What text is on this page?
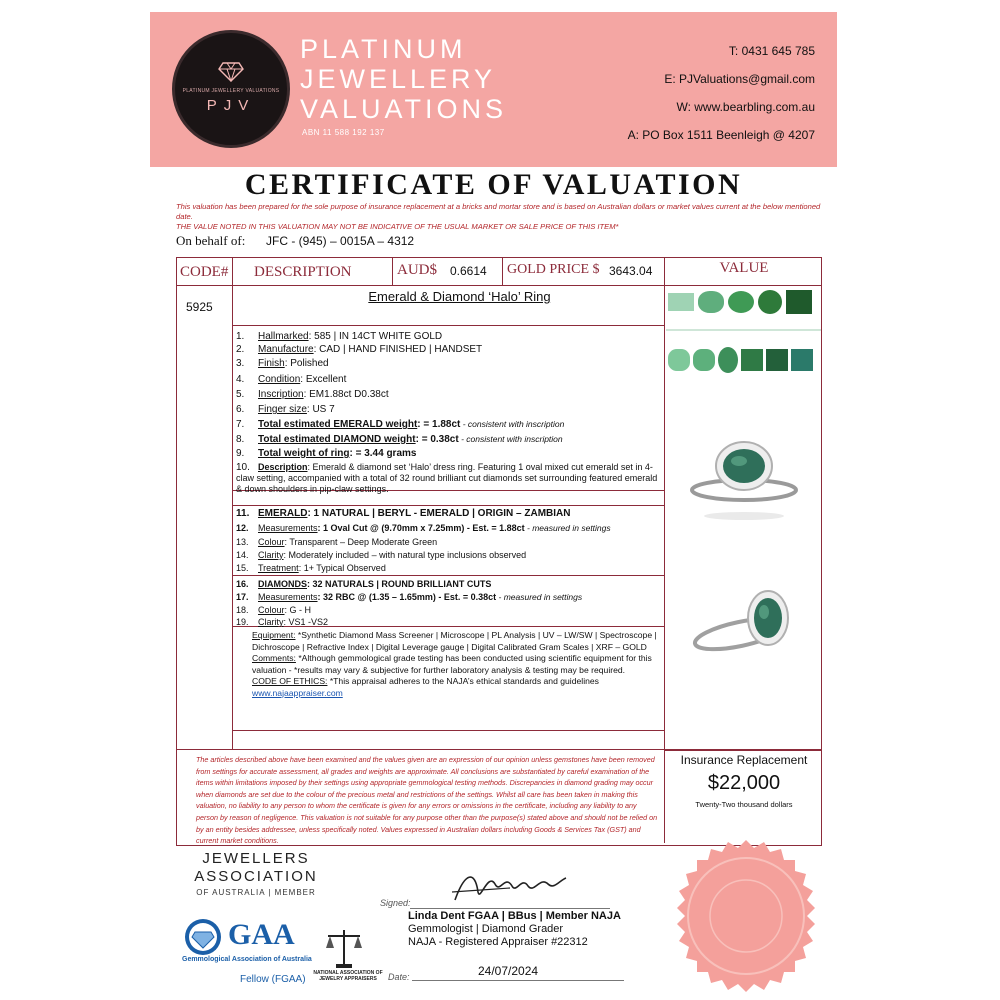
PLATINUM JEWELLERY VALUATIONS
PJV
PLATINUM
JEWELLERY
VALUATIONS
ABN 11 588 192 137
T: 0431 645 785
E: PJValuations@gmail.com
W: www.bearbling.com.au
A: PO Box 1511 Beenleigh @ 4207
CERTIFICATE OF VALUATION
This valuation has been prepared for the sole purpose of insurance replacement at a bricks and mortar store and is based on Australian dollars or market values current at the below mentioned date.
THE VALUE NOTED IN THIS VALUATION MAY NOT BE INDICATIVE OF THE USUAL MARKET OR SALE PRICE OF THIS ITEM*
On behalf of: JFC - (945) – 0015A – 4312
CODE# DESCRIPTION	AUD$ 0.6614 GOLD PRICE $ 3643.04	VALUE
5925
Emerald & Diamond ‘Halo’ Ring
1. Hallmarked: 585 | IN 14CT WHITE GOLD
2. Manufacture: CAD | HAND FINISHED | HANDSET
3. Finish: Polished
4. Condition: Excellent
5. Inscription: EM1.88ct D0.38ct
6. Finger size: US 7
7. Total estimated EMERALD weight: = 1.88ct - consistent with inscription
8. Total estimated DIAMOND weight: = 0.38ct - consistent with inscription
9. Total weight of ring: = 3.44 grams
10. Description: Emerald & diamond set ‘Halo’ dress ring. Featuring 1 oval mixed cut emerald set in 4-claw setting, accompanied with a total of 32 round brilliant cut diamonds set surrounding featured emerald & down shoulders in pip-claw settings.
11. EMERALD: 1 NATURAL | BERYL - EMERALD | ORIGIN – ZAMBIAN
12. Measurements: 1 Oval Cut @ (9.70mm x 7.25mm) - Est. = 1.88ct - measured in settings
13. Colour: Transparent – Deep Moderate Green
14. Clarity: Moderately included – with natural type inclusions observed
15. Treatment: 1+ Typical Observed
16. DIAMONDS: 32 NATURALS | ROUND BRILLIANT CUTS
17. Measurements: 32 RBC @ (1.35 – 1.65mm) - Est. = 0.38ct - measured in settings
18. Colour: G - H
19. Clarity: VS1 -VS2
Equipment: *Synthetic Diamond Mass Screener | Microscope | PL Analysis | UV – LW/SW | Spectroscope | Dichroscope | Refractive Index | Digital Leverage gauge | Digital Calibrated Gram Scales | XRF – GOLD
Comments: *Although gemmological grade testing has been conducted using scientific equipment for this valuation - *results may vary & subjective for further laboratory analysis & testing may be required.
CODE OF ETHICS: *This appraisal adheres to the NAJA’s ethical standards and guidelines
www.najaappraiser.com
The articles described above have been examined and the values given are an expression of our opinion unless gemstones have been removed from settings for accurate assessment, all grades and weights are approximate. All conclusions are substantiated by careful examination of the items within limitations imposed by their settings using appropriate gemmological testing methods. Discrepancies in diamond grading may occur when diamonds are set due to the colour of the precious metal and restrictions of the settings. Whilst all care has been taken in making this valuation, no liability to any person to whom the certificate is given for any errors or omissions in the certificate, including any liability to any person by reason of negligence. This valuation is not suitable for any purpose other than the purpose(s) stated above and should not be relied on by an entity besides addressee, unless specifically noted. Values expressed in Australian dollars including Goods & Services Tax (GST) and current market conditions.
Insurance Replacement
$22,000
Twenty-Two thousand dollars
JEWELLERS
ASSOCIATION
OF AUSTRALIA | MEMBER
GAA
Gemmological Association of Australia
Fellow (FGAA)
NATIONAL ASSOCIATION OF JEWELRY APPRAISERS
Signed:
Linda Dent FGAA | BBus | Member NAJA
Gemmologist | Diamond Grader
NAJA - Registered Appraiser #22312
Date:	24/07/2024
